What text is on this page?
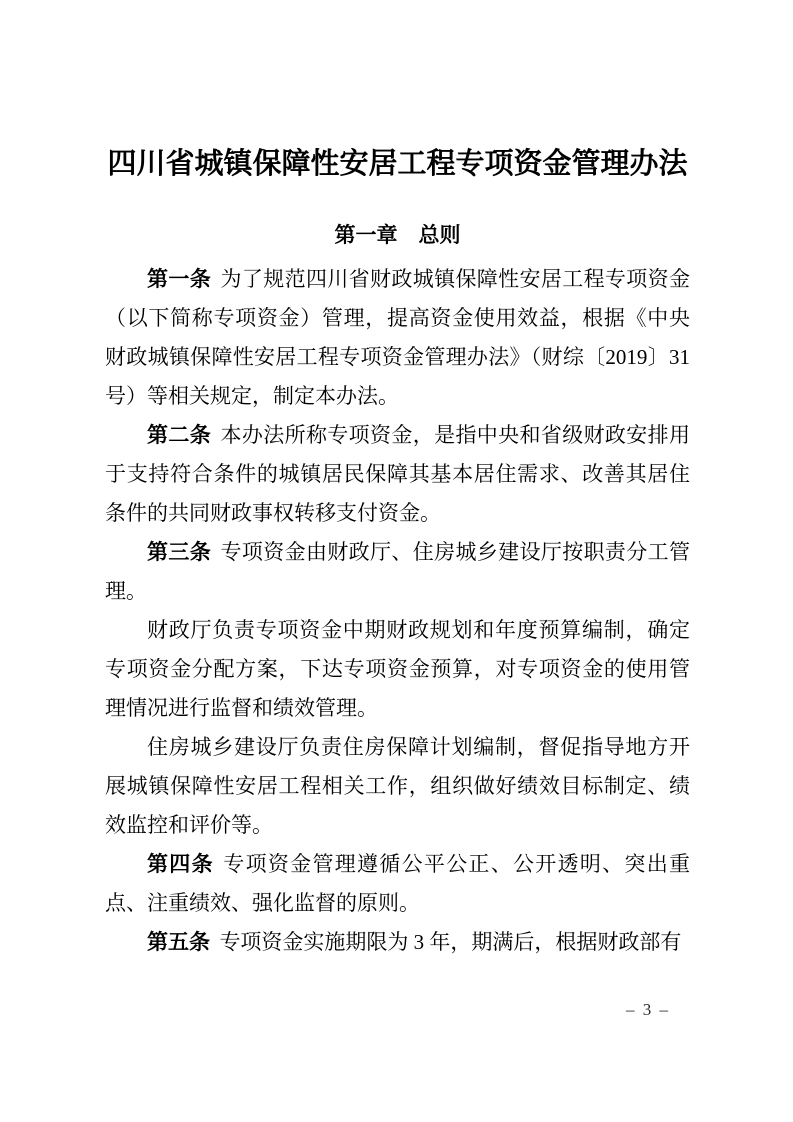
四川省城镇保障性安居工程专项资金管理办法
第一章　总则

第一条 为了规范四川省财政城镇保障性安居工程专项资金（以下简称专项资金）管理，提高资金使用效益，根据《中央财政城镇保障性安居工程专项资金管理办法》（财综〔2019〕31 号）等相关规定，制定本办法。

第二条 本办法所称专项资金，是指中央和省级财政安排用于支持符合条件的城镇居民保障其基本居住需求、改善其居住条件的共同财政事权转移支付资金。

第三条 专项资金由财政厅、住房城乡建设厅按职责分工管理。

财政厅负责专项资金中期财政规划和年度预算编制，确定专项资金分配方案，下达专项资金预算，对专项资金的使用管理情况进行监督和绩效管理。

住房城乡建设厅负责住房保障计划编制，督促指导地方开展城镇保障性安居工程相关工作，组织做好绩效目标制定、绩效监控和评价等。

第四条 专项资金管理遵循公平公正、公开透明、突出重点、注重绩效、强化监督的原则。

第五条 专项资金实施期限为 3 年，期满后，根据财政部有

– 3 –
